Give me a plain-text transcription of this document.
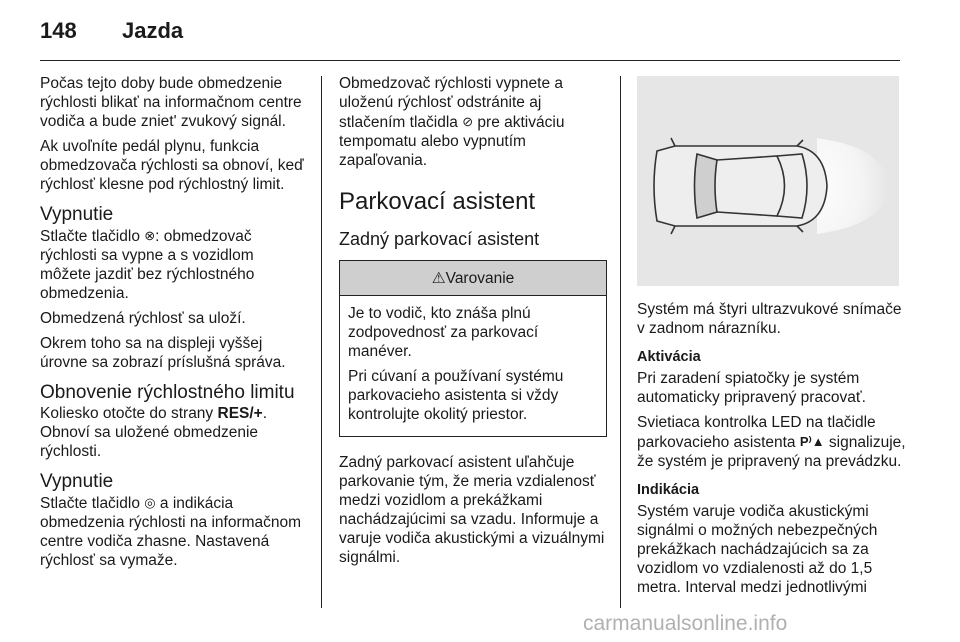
148	Jazda

Počas tejto doby bude obmedzenie rýchlosti blikať na informačnom centre vodiča a bude zniet' zvukový signál.

Ak uvoľníte pedál plynu, funkcia obmedzovača rýchlosti sa obnoví, keď rýchlosť klesne pod rýchlostný limit.

Vypnutie

Stlačte tlačidlo ⊗: obmedzovač rýchlosti sa vypne a s vozidlom môžete jazdiť bez rýchlostného obmedzenia.

Obmedzená rýchlosť sa uloží.

Okrem toho sa na displeji vyššej úrovne sa zobrazí príslušná správa.

Obnovenie rýchlostného limitu

Koliesko otočte do strany RES/+. Obnoví sa uložené obmedzenie rýchlosti.

Vypnutie

Stlačte tlačidlo ◎ a indikácia obmedzenia rýchlosti na informačnom centre vodiča zhasne. Nastavená rýchlosť sa vymaže.

Obmedzovač rýchlosti vypnete a uloženú rýchlosť odstránite aj stlačením tlačidla ⊘ pre aktiváciu tempomatu alebo vypnutím zapaľovania.

Parkovací asistent
Zadný parkovací asistent
⚠ Varovanie

Je to vodič, kto znáša plnú zodpovednosť za parkovací manéver.

Pri cúvaní a používaní systému parkovacieho asistenta si vždy kontrolujte okolitý priestor.

Zadný parkovací asistent uľahčuje parkovanie tým, že meria vzdialenosť medzi vozidlom a prekážkami nachádzajúcimi sa vzadu. Informuje a varuje vodiča akustickými a vizuálnymi signálmi.

Systém má štyri ultrazvukové snímače v zadnom nárazníku.

Aktivácia

Pri zaradení spiatočky je systém automaticky pripravený pracovať.

Svietiaca kontrolka LED na tlačidle parkovacieho asistenta P⁾▲ signalizuje, že systém je pripravený na prevádzku.

Indikácia

Systém varuje vodiča akustickými signálmi o možných nebezpečných prekážkach nachádzajúcich sa za vozidlom vo vzdialenosti až do 1,5 metra. Interval medzi jednotlivými

carmanualsonline.info
